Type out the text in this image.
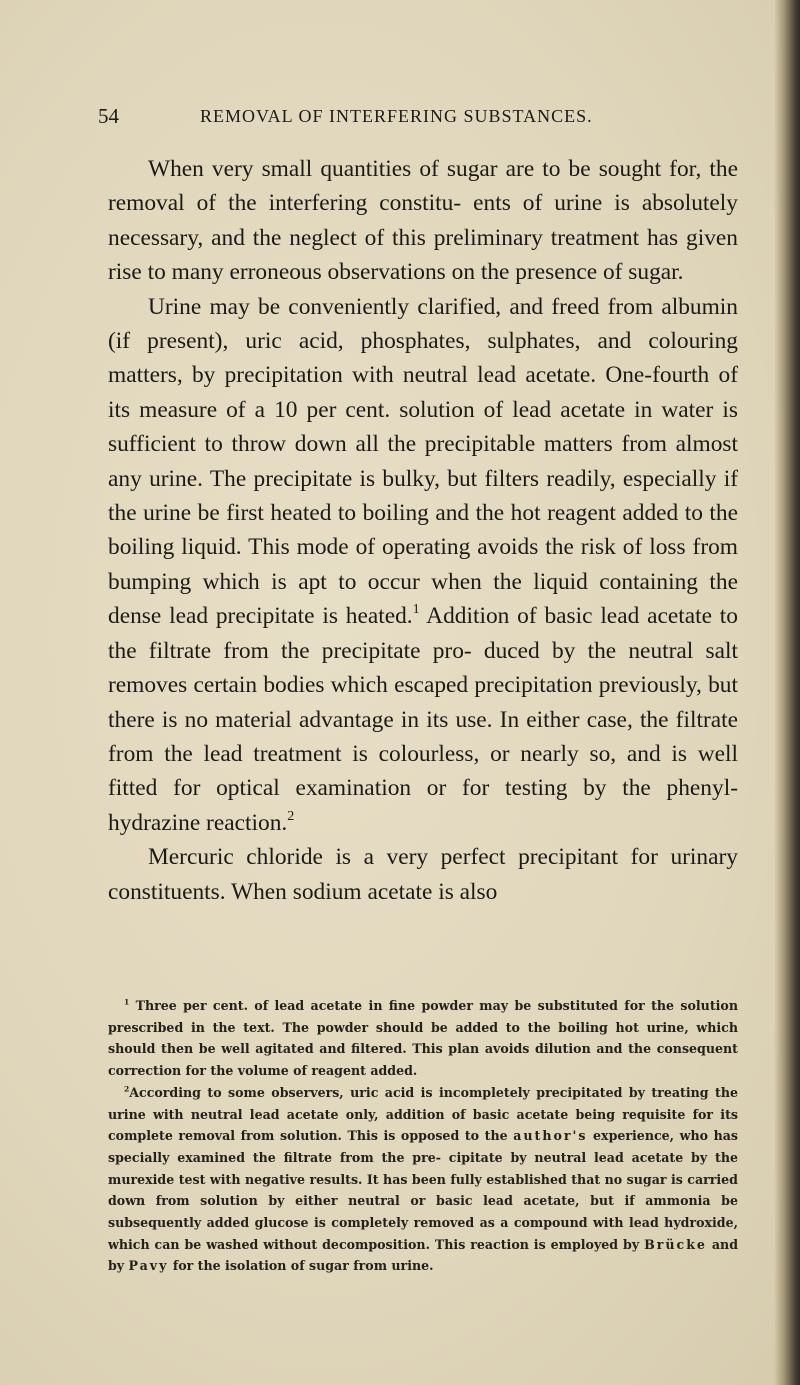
54	REMOVAL OF INTERFERING SUBSTANCES.

When very small quantities of sugar are to be sought for, the removal of the interfering constitu- ents of urine is absolutely necessary, and the neglect of this preliminary treatment has given rise to many erroneous observations on the presence of sugar.

Urine may be conveniently clarified, and freed from albumin (if present), uric acid, phosphates, sulphates, and colouring matters, by precipitation with neutral lead acetate. One-fourth of its measure of a 10 per cent. solution of lead acetate in water is sufficient to throw down all the precipitable matters from almost any urine. The precipitate is bulky, but filters readily, especially if the urine be first heated to boiling and the hot reagent added to the boiling liquid. This mode of operating avoids the risk of loss from bumping which is apt to occur when the liquid containing the dense lead precipitate is heated.$^1$ Addition of basic lead acetate to the filtrate from the precipitate pro- duced by the neutral salt removes certain bodies which escaped precipitation previously, but there is no material advantage in its use. In either case, the filtrate from the lead treatment is colourless, or nearly so, and is well fitted for optical examination or for testing by the phenyl-hydrazine reaction.$^2$

Mercuric chloride is a very perfect precipitant for urinary constituents. When sodium acetate is also

$^1$ Three per cent. of lead acetate in fine powder may be substituted for the solution prescribed in the text. The powder should be added to the boiling hot urine, which should then be well agitated and filtered. This plan avoids dilution and the consequent correction for the volume of reagent added.

$^2$According to some observers, uric acid is incompletely precipitated by treating the urine with neutral lead acetate only, addition of basic acetate being requisite for its complete removal from solution. This is opposed to the author's experience, who has specially examined the filtrate from the pre- cipitate by neutral lead acetate by the murexide test with negative results. It has been fully established that no sugar is carried down from solution by either neutral or basic lead acetate, but if ammonia be subsequently added glucose is completely removed as a compound with lead hydroxide, which can be washed without decomposition. This reaction is employed by Brücke and by Pavy for the isolation of sugar from urine.
